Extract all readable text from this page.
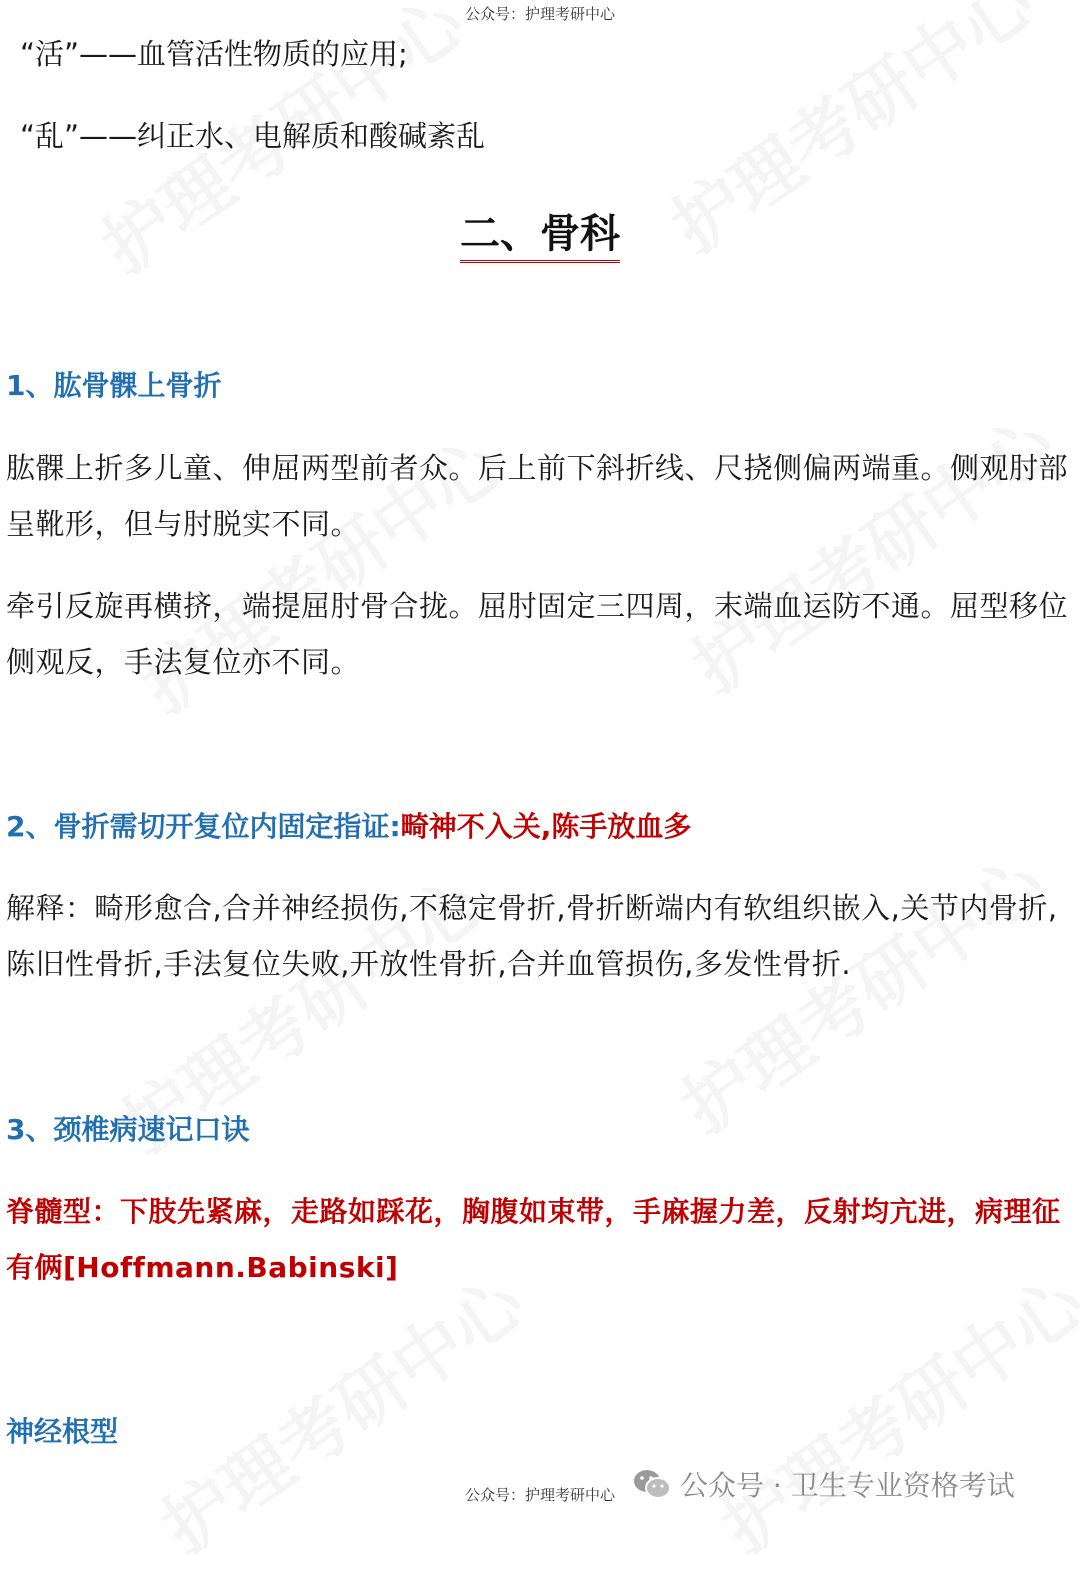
公众号：护理考研中心
“活”——血管活性物质的应用;
“乱”——纠正水、电解质和酸碱紊乱
二、骨科
1、肱骨髁上骨折
肱髁上折多儿童、伸屈两型前者众。后上前下斜折线、尺挠侧偏两端重。侧观肘部呈靴形，但与肘脱实不同。
牵引反旋再横挤，端提屈肘骨合拢。屈肘固定三四周，末端血运防不通。屈型移位侧观反，手法复位亦不同。
2、骨折需切开复位内固定指证:畸神不入关,陈手放血多
解释：畸形愈合,合并神经损伤,不稳定骨折,骨折断端内有软组织嵌入,关节内骨折,陈旧性骨折,手法复位失败,开放性骨折,合并血管损伤,多发性骨折.
3、颈椎病速记口诀
脊髓型：下肢先紧麻，走路如踩花，胸腹如束带，手麻握力差，反射均亢进，病理征有俩[Hoffmann.Babinski]
神经根型
公众号 · 卫生专业资格考试
公众号：护理考研中心
